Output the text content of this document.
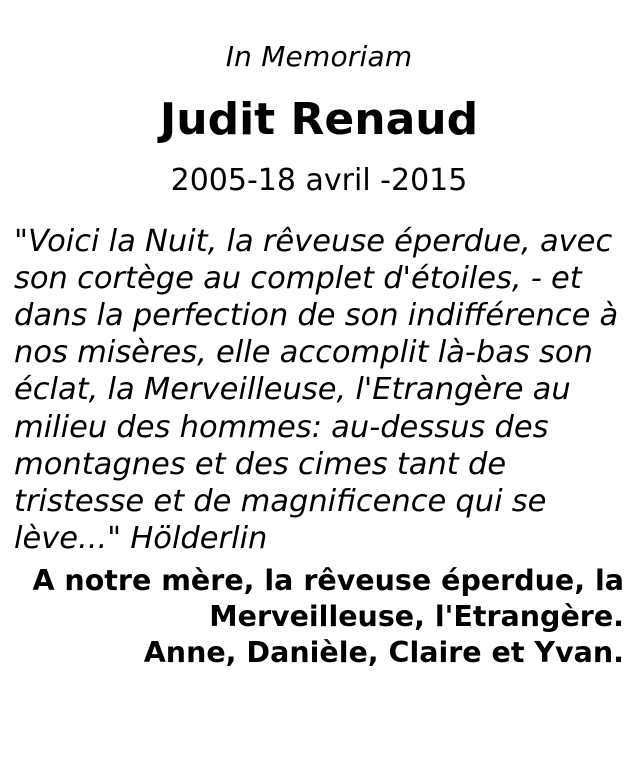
In Memoriam
Judit Renaud
2005-18 avril -2015
"Voici la Nuit, la rêveuse éperdue, avec son cortège au complet d'étoiles, - et dans la perfection de son indifférence à nos misères, elle accomplit là-bas son éclat, la Merveilleuse, l'Etrangère au milieu des hommes: au-dessus des montagnes et des cimes tant de tristesse et de magnificence qui se lève..." Hölderlin
A notre mère, la rêveuse éperdue, la
Merveilleuse, l'Etrangère.
Anne, Danièle, Claire et Yvan.
